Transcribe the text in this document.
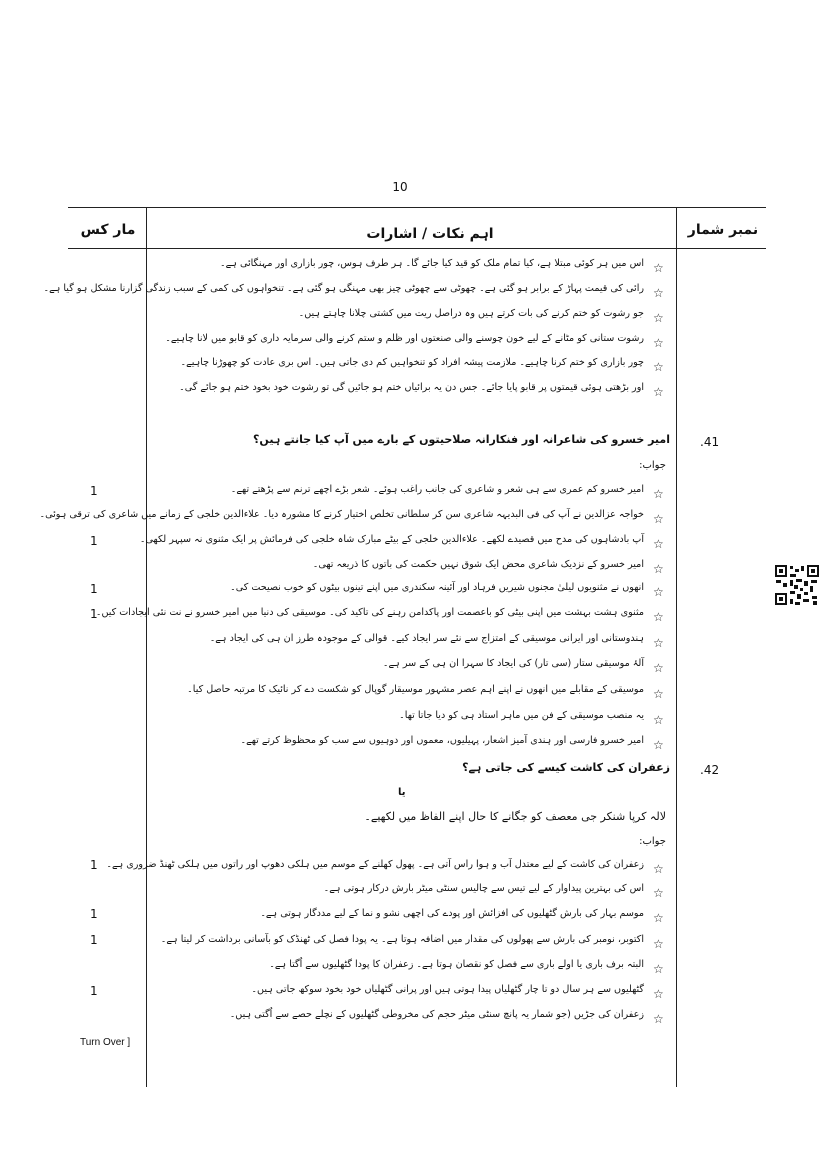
10
نمبر شمار
اہم نکات / اشارات
مار کس
☆
اس میں ہر کوئی مبتلا ہے، کیا تمام ملک کو قید کیا جائے گا۔ ہر طرف ہوس، چور بازاری اور مہنگائی ہے۔
☆
رائی کی قیمت پہاڑ کے برابر ہو گئی ہے۔ چھوٹی سے چھوٹی چیز بھی مہنگی ہو گئی ہے۔ تنخواہوں کی کمی کے سبب زندگی گزارنا مشکل ہو گیا ہے۔
☆
جو رشوت کو ختم کرنے کی بات کرتے ہیں وہ دراصل ریت میں کشتی چلانا چاہتے ہیں۔
☆
رشوت ستانی کو مٹانے کے لیے خون چوسنے والی صنعتوں اور ظلم و ستم کرنے والی سرمایہ داری کو قابو میں لانا چاہیے۔
☆
چور بازاری کو ختم کرنا چاہیے۔ ملازمت پیشہ افراد کو تنخواہیں کم دی جاتی ہیں۔ اس بری عادت کو چھوڑنا چاہیے۔
☆
اور بڑھتی ہوئی قیمتوں پر قابو پایا جائے۔ جس دن یہ برائیاں ختم ہو جائیں گی تو رشوت خود بخود ختم ہو جائے گی۔
.41
امیر خسرو کی شاعرانہ اور فنکارانہ صلاحیتوں کے بارے میں آپ کیا جانتے ہیں؟
جواب:
☆
امیر خسرو کم عمری سے ہی شعر و شاعری کی جانب راغب ہوئے۔ شعر بڑے اچھے ترنم سے پڑھتے تھے۔
1
☆
خواجہ عزالدین نے آپ کی فی البدیہہ شاعری سن کر سلطانی تخلص اختیار کرنے کا مشورہ دیا۔ علاءالدین خلجی کے زمانے میں شاعری کی ترقی ہوئی۔
☆
آپ بادشاہوں کی مدح میں قصیدے لکھے۔ علاءالدین خلجی کے بیٹے مبارک شاہ خلجی کی فرمائش پر ایک مثنوی نہ سپہر لکھی۔
1
☆
امیر خسرو کے نزدیک شاعری محض ایک شوق نہیں حکمت کی باتوں کا ذریعہ تھی۔
☆
انھوں نے مثنویوں لیلیٰ مجنوں شیریں فرہاد اور آئینہ سکندری میں اپنے تینوں بیٹوں کو خوب نصیحت کی۔
1
☆
مثنوی ہشت بہشت میں اپنی بیٹی کو باعصمت اور پاکدامن رہنے کی تاکید کی۔ موسیقی کی دنیا میں امیر خسرو نے نت نئی ایجادات کیں۔
1
☆
ہندوستانی اور ایرانی موسیقی کے امتزاج سے نئے سر ایجاد کیے۔ قوالی کے موجودہ طرز ان ہی کی ایجاد ہے۔
☆
آلۂ موسیقی ستار (سی تار) کی ایجاد کا سہرا ان ہی کے سر ہے۔
☆
موسیقی کے مقابلے میں انھوں نے اپنے اہم عصر مشہور موسیقار گوپال کو شکست دے کر نائیک کا مرتبہ حاصل کیا۔
☆
یہ منصب موسیقی کے فن میں ماہر استاد ہی کو دیا جاتا تھا۔
☆
امیر خسرو فارسی اور ہندی آمیز اشعار، پہیلیوں، معموں اور دوہیوں سے سب کو محظوظ کرتے تھے۔
.42
زعفران کی کاشت کیسے کی جاتی ہے؟
یا
لالہ کرپا شنکر جی معصف کو جگانے کا حال اپنے الفاظ میں لکھیے۔
جواب:
☆
زعفران کی کاشت کے لیے معتدل آب و ہوا راس آتی ہے۔ پھول کھلنے کے موسم میں ہلکی دھوپ اور راتوں میں ہلکی ٹھنڈ ضروری ہے۔
1
☆
اس کی بہترین پیداوار کے لیے تیس سے چالیس سنٹی میٹر بارش درکار ہوتی ہے۔
☆
موسم بہار کی بارش گٹھلیوں کی افزائش اور پودے کی اچھی نشو و نما کے لیے مددگار ہوتی ہے۔
1
☆
اکتوبر، نومبر کی بارش سے پھولوں کی مقدار میں اضافہ ہوتا ہے۔ یہ پودا فصل کی ٹھنڈک کو بآسانی برداشت کر لیتا ہے۔
1
☆
البتہ برف باری یا اولے باری سے فصل کو نقصان ہوتا ہے۔ زعفران کا پودا گٹھلیوں سے اُگتا ہے۔
☆
گٹھلیوں سے ہر سال دو تا چار گٹھلیاں پیدا ہوتی ہیں اور پرانی گٹھلیاں خود بخود سوکھ جاتی ہیں۔
1
☆
زعفران کی جڑیں (جو شمار یہ پانچ سنٹی میٹر حجم کی مخروطی گٹھلیوں کے نچلے حصے سے اُگتی ہیں۔
Turn Over ]
